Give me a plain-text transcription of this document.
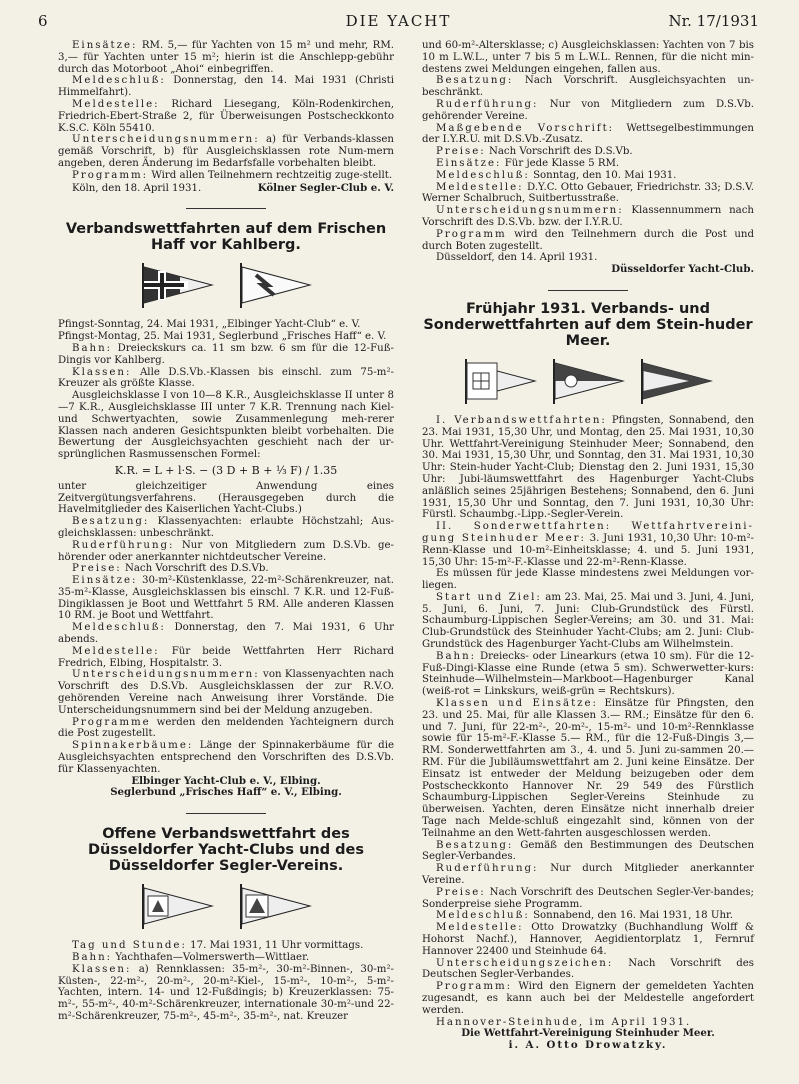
6	DIE YACHT	Nr. 17/1931

Einsätze: RM. 5,— für Yachten von 15 m² und mehr, RM. 3,— für Yachten unter 15 m²; hierin ist die Anschlepp-gebühr durch das Motorboot „Ahoi“ einbegriffen.

Meldeschluß: Donnerstag, den 14. Mai 1931 (Christi Himmelfahrt).

Meldestelle: Richard Liesegang, Köln-Rodenkirchen, Friedrich-Ebert-Straße 2, für Überweisungen Postscheckkonto K.S.C. Köln 55410.

Unterscheidungsnummern: a) für Verbands-klassen gemäß Vorschrift, b) für Ausgleichsklassen rote Num-mern angeben, deren Änderung im Bedarfsfalle vorbehalten bleibt.

Programm: Wird allen Teilnehmern rechtzeitig zuge-stellt.

Köln, den 18. April 1931.	Kölner Segler-Club e. V.
Verbandswettfahrten auf dem Frischen Haff vor Kahlberg.

Pfingst-Sonntag, 24. Mai 1931, „Elbinger Yacht-Club“ e. V.

Pfingst-Montag, 25. Mai 1931, Seglerbund „Frisches Haff“ e. V.

Bahn: Dreieckskurs ca. 11 sm bzw. 6 sm für die 12-Fuß-Dingis vor Kahlberg.

Klassen: Alle D.S.Vb.-Klassen bis einschl. zum 75-m²-Kreuzer als größte Klasse.

Ausgleichsklasse I von 10—8 K.R., Ausgleichsklasse II unter 8—7 K.R., Ausgleichsklasse III unter 7 K.R. Trennung nach Kiel- und Schwertyachten, sowie Zusammenlegung meh-rerer Klassen nach anderen Gesichtspunkten bleibt vorbehalten. Die Bewertung der Ausgleichsyachten geschieht nach der ur-sprünglichen Rasmussenschen Formel:

K.R. = L + l·S. − (3 D + B + ⅓ F) / 1.35

unter gleichzeitiger Anwendung eines Zeitvergütungsverfahrens. (Herausgegeben durch die Havelmitglieder des Kaiserlichen Yacht-Clubs.)

Besatzung: Klassenyachten: erlaubte Höchstzahl; Aus-gleichsklassen: unbeschränkt.

Ruderführung: Nur von Mitgliedern zum D.S.Vb. ge-hörender oder anerkannter nichtdeutscher Vereine.

Preise: Nach Vorschrift des D.S.Vb.

Einsätze: 30-m²-Küstenklasse, 22-m²-Schärenkreuzer, nat. 35-m²-Klasse, Ausgleichsklassen bis einschl. 7 K.R. und 12-Fuß-Dingiklassen je Boot und Wettfahrt 5 RM. Alle anderen Klassen 10 RM. je Boot und Wettfahrt.

Meldeschluß: Donnerstag, den 7. Mai 1931, 6 Uhr abends.

Meldestelle: Für beide Wettfahrten Herr Richard Fredrich, Elbing, Hospitalstr. 3.

Unterscheidungsnummern: von Klassenyachten nach Vorschrift des D.S.Vb. Ausgleichsklassen der zur R.V.O. gehörenden Vereine nach Anweisung ihrer Vorstände. Die Unterscheidungsnummern sind bei der Meldung anzugeben.

Programme werden den meldenden Yachteignern durch die Post zugestellt.

Spinnakerbäume: Länge der Spinnakerbäume für die Ausgleichsyachten entsprechend den Vorschriften des D.S.Vb. für Klassenyachten.

Elbinger Yacht-Club e. V., Elbing.
Seglerbund „Frisches Haff“ e. V., Elbing.
Offene Verbandswettfahrt des Düsseldorfer Yacht-Clubs und des Düsseldorfer Segler-Vereins.

Tag und Stunde: 17. Mai 1931, 11 Uhr vormittags.

Bahn: Yachthafen—Volmerswerth—Wittlaer.

Klassen: a) Rennklassen: 35-m²-, 30-m²-Binnen-, 30-m²-Küsten-, 22-m²-, 20-m²-, 20-m²-Kiel-, 15-m²-, 10-m²-, 5-m²-Yachten, intern. 14- und 12-Fußdingis; b) Kreuzerklassen: 75-m²-, 55-m²-, 40-m²-Schärenkreuzer, internationale 30-m²-und 22-m²-Schärenkreuzer, 75-m²-, 45-m²-, 35-m²-, nat. Kreuzer

und 60-m²-Altersklasse; c) Ausgleichsklassen: Yachten von 7 bis 10 m L.W.L., unter 7 bis 5 m L.W.L. Rennen, für die nicht min-destens zwei Meldungen eingehen, fallen aus.

Besatzung: Nach Vorschrift. Ausgleichsyachten un-beschränkt.

Ruderführung: Nur von Mitgliedern zum D.S.Vb. gehörender Vereine.

Maßgebende Vorschrift: Wettsegelbestimmungen der I.Y.R.U. mit D.S.Vb.-Zusatz.

Preise: Nach Vorschrift des D.S.Vb.

Einsätze: Für jede Klasse 5 RM.

Meldeschluß: Sonntag, den 10. Mai 1931.

Meldestelle: D.Y.C. Otto Gebauer, Friedrichstr. 33; D.S.V. Werner Schalbruch, Suitbertusstraße.

Unterscheidungsnummern: Klassennummern nach Vorschrift des D.S.Vb. bzw. der I.Y.R.U.

Programm wird den Teilnehmern durch die Post und durch Boten zugestellt.

Düsseldorf, den 14. April 1931.

Düsseldorfer Yacht-Club.
Frühjahr 1931. Verbands- und Sonderwettfahrten auf dem Stein-huder Meer.

I. Verbandswettfahrten: Pfingsten, Sonnabend, den 23. Mai 1931, 15,30 Uhr, und Montag, den 25. Mai 1931, 10,30 Uhr. Wettfahrt-Vereinigung Steinhuder Meer; Sonnabend, den 30. Mai 1931, 15,30 Uhr, und Sonntag, den 31. Mai 1931, 10,30 Uhr: Stein-huder Yacht-Club; Dienstag den 2. Juni 1931, 15,30 Uhr: Jubi-läumswettfahrt des Hagenburger Yacht-Clubs anläßlich seines 25jährigen Bestehens; Sonnabend, den 6. Juni 1931, 15,30 Uhr und Sonntag, den 7. Juni 1931, 10,30 Uhr: Fürstl. Schaumbg.-Lipp.-Segler-Verein.

II. Sonderwettfahrten: Wettfahrtvereini-gung Steinhuder Meer: 3. Juni 1931, 10,30 Uhr: 10-m²-Renn-Klasse und 10-m²-Einheitsklasse; 4. und 5. Juni 1931, 15,30 Uhr: 15-m²-F.-Klasse und 22-m²-Renn-Klasse.

Es müssen für jede Klasse mindestens zwei Meldungen vor-liegen.

Start und Ziel: am 23. Mai, 25. Mai und 3. Juni, 4. Juni, 5. Juni, 6. Juni, 7. Juni: Club-Grundstück des Fürstl. Schaumburg-Lippischen Segler-Vereins; am 30. und 31. Mai: Club-Grundstück des Steinhuder Yacht-Clubs; am 2. Juni: Club-Grundstück des Hagenburger Yacht-Clubs am Wilhelmstein.

Bahn: Dreiecks- oder Linearkurs (etwa 10 sm). Für die 12-Fuß-Dingi-Klasse eine Runde (etwa 5 sm). Schwerwetter-kurs: Steinhude—Wilhelmstein—Markboot—Hagenburger Kanal (weiß-rot = Linkskurs, weiß-grün = Rechtskurs).

Klassen und Einsätze: Einsätze für Pfingsten, den 23. und 25. Mai, für alle Klassen 3.— RM.; Einsätze für den 6. und 7. Juni, für 22-m²-, 20-m²-, 15-m²- und 10-m²-Rennklasse sowie für 15-m²-F.-Klasse 5.— RM., für die 12-Fuß-Dingis 3,— RM. Sonderwettfahrten am 3., 4. und 5. Juni zu-sammen 20.— RM. Für die Jubiläumswettfahrt am 2. Juni keine Einsätze. Der Einsatz ist entweder der Meldung beizugeben oder dem Postscheckkonto Hannover Nr. 29 549 des Fürstlich Schaumburg-Lippischen Segler-Vereins Steinhude zu überweisen. Yachten, deren Einsätze nicht innerhalb dreier Tage nach Melde-schluß eingezahlt sind, können von der Teilnahme an den Wett-fahrten ausgeschlossen werden.

Besatzung: Gemäß den Bestimmungen des Deutschen Segler-Verbandes.

Ruderführung: Nur durch Mitglieder anerkannter Vereine.

Preise: Nach Vorschrift des Deutschen Segler-Ver-bandes; Sonderpreise siehe Programm.

Meldeschluß: Sonnabend, den 16. Mai 1931, 18 Uhr.

Meldestelle: Otto Drowatzky (Buchhandlung Wolff & Hohorst Nachf.), Hannover, Aegidientorplatz 1, Fernruf Hannover 22400 und Steinhude 64.

Unterscheidungszeichen: Nach Vorschrift des Deutschen Segler-Verbandes.

Programm: Wird den Eignern der gemeldeten Yachten zugesandt, es kann auch bei der Meldestelle angefordert werden.

Hannover-Steinhude, im April 1931.

Die Wettfahrt-Vereinigung Steinhuder Meer.
i. A. Otto Drowatzky.
